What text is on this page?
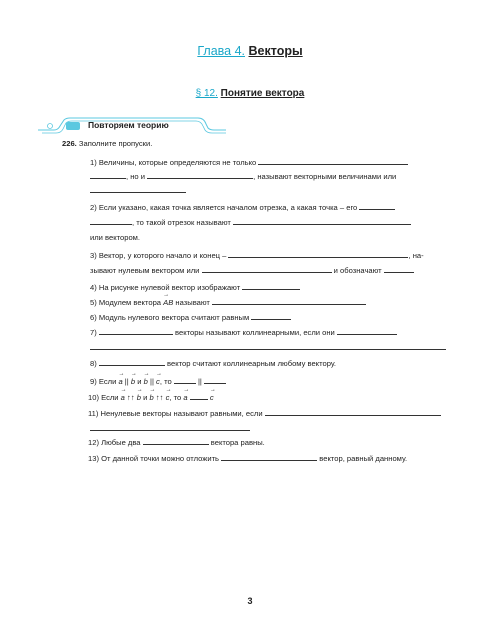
Глава 4. Векторы
§ 12. Понятие вектора
Повторяем теорию
226. Заполните пропуски.
1) Величины, которые определяются не только
, но и	, называют векторными величинами или
2) Если указано, какая точка является началом отрезка, а какая точка – его
, то такой отрезок называют
или вектором.
3) Вектор, у которого начало и конец –	, на-
зывают нулевым вектором или	и обозначают
4) На рисунке нулевой вектор изображают
5) Модулем вектора → AB называют
6) Модуль нулевого вектора считают равным
7)	векторы называют коллинеарными, если они
8)	вектор считают коллинеарным любому вектору.
9) Если → a || → b и → b || → c, то	||
10) Если → a ↑↑ → b и → b ↑↑ → c, то → a	→ c
11) Ненулевые векторы называют равными, если
12) Любые два	вектора равны.
13) От данной точки можно отложить	вектор, равный данному.
3
